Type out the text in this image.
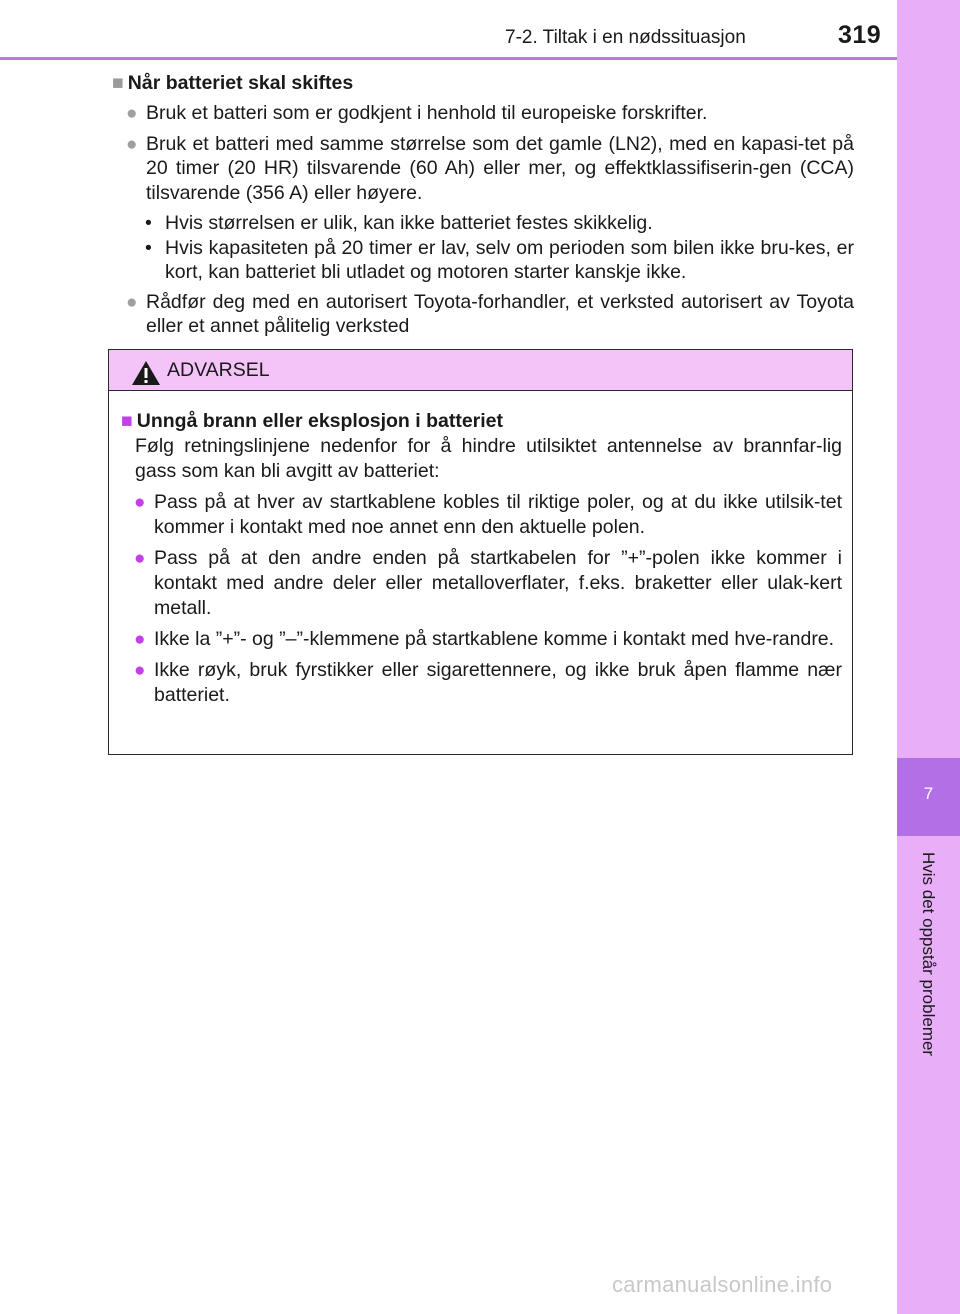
7-2. Tiltak i en nødssituasjon	319
7
Hvis det oppstår problemer
■ Når batteriet skal skiftes
● Bruk et batteri som er godkjent i henhold til europeiske forskrifter.
● Bruk et batteri med samme størrelse som det gamle (LN2), med en kapasi-tet på 20 timer (20 HR) tilsvarende (60 Ah) eller mer, og effektklassifiserin-gen (CCA) tilsvarende (356 A) eller høyere.
• Hvis størrelsen er ulik, kan ikke batteriet festes skikkelig.
• Hvis kapasiteten på 20 timer er lav, selv om perioden som bilen ikke bru-kes, er kort, kan batteriet bli utladet og motoren starter kanskje ikke.
● Rådfør deg med en autorisert Toyota-forhandler, et verksted autorisert av Toyota eller et annet pålitelig verksted
ADVARSEL
■ Unngå brann eller eksplosjon i batteriet
Følg retningslinjene nedenfor for å hindre utilsiktet antennelse av brannfar-lig gass som kan bli avgitt av batteriet:
● Pass på at hver av startkablene kobles til riktige poler, og at du ikke utilsik-tet kommer i kontakt med noe annet enn den aktuelle polen.
● Pass på at den andre enden på startkabelen for ”+”-polen ikke kommer i kontakt med andre deler eller metalloverflater, f.eks. braketter eller ulak-kert metall.
● Ikke la ”+”- og ”–”-klemmene på startkablene komme i kontakt med hve-randre.
● Ikke røyk, bruk fyrstikker eller sigarettennere, og ikke bruk åpen flamme nær batteriet.
carmanualsonline.info
